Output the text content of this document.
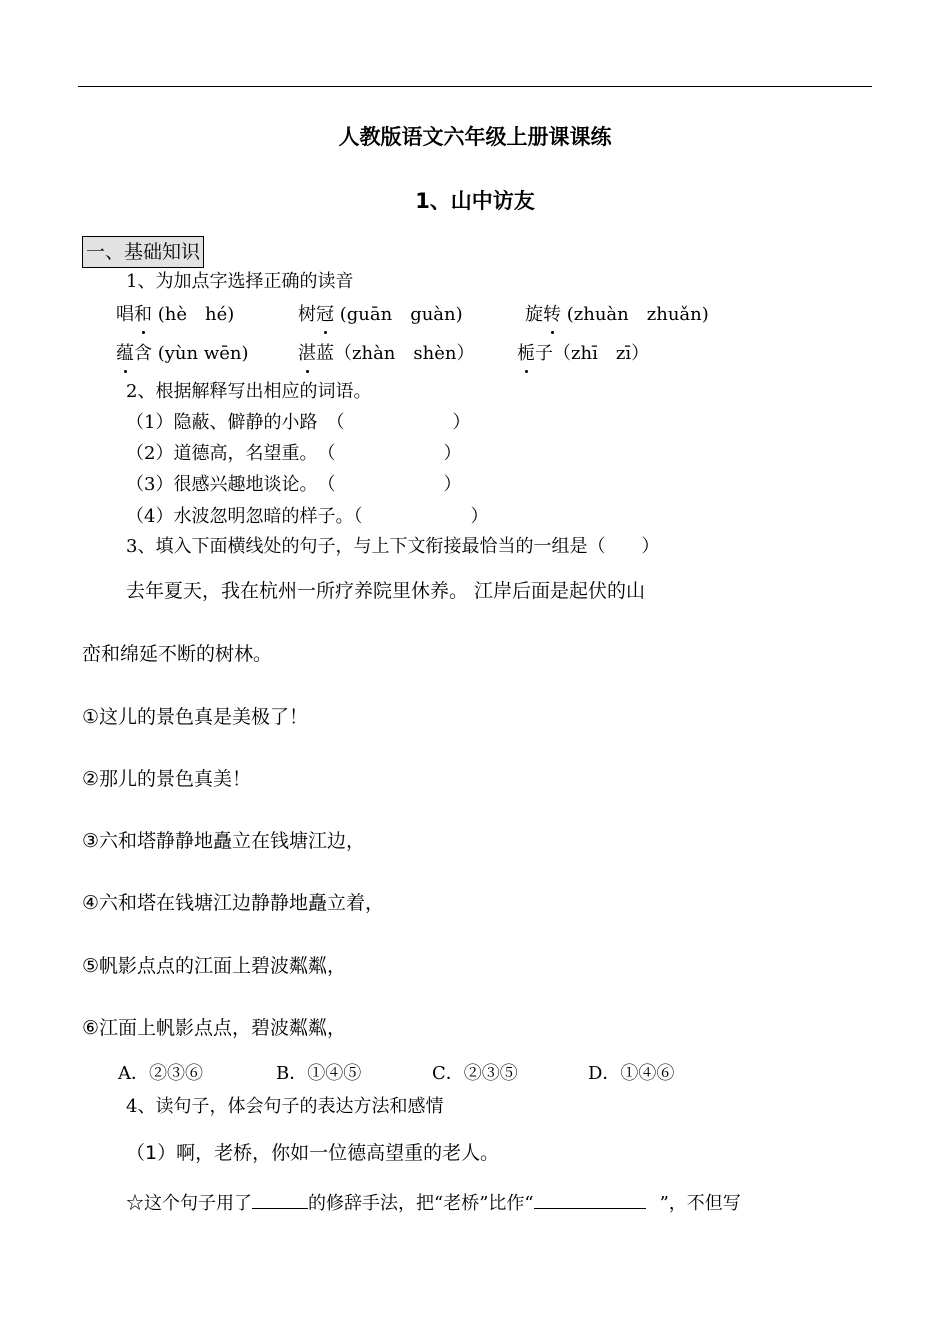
人教版语文六年级上册课课练
1、山中访友
一、基础知识
1、为加点字选择正确的读音
唱和 (hè　hé)	树冠 (guān　guàn)	旋转 (zhuàn　zhuǎn)
蕴含 (yùn wēn)	湛蓝（zhàn　shèn） 栀子（zhī　zī）
2、根据解释写出相应的词语。
（1）隐蔽、僻静的小路　（　　　　　　）
（2）道德高，名望重。　（　　　　　　）
（3）很感兴趣地谈论。　（　　　　　　）
（4）水波忽明忽暗的样子。（　　　　　　）
3、填入下面横线处的句子，与上下文衔接最恰当的一组是（　　）
去年夏天，我在杭州一所疗养院里休养。 江岸后面是起伏的山
峦和绵延不断的树林。
①这儿的景色真是美极了！
②那儿的景色真美！
③六和塔静静地矗立在钱塘江边，
④六和塔在钱塘江边静静地矗立着，
⑤帆影点点的江面上碧波粼粼，
⑥江面上帆影点点，碧波粼粼，
A．②③⑥	B．①④⑤	C．②③⑤	D．①④⑥
4、读句子，体会句子的表达方法和感情
（1）啊，老桥，你如一位德高望重的老人。
☆这个句子用了	的修辞手法，把“老桥”比作“	”，不但写
